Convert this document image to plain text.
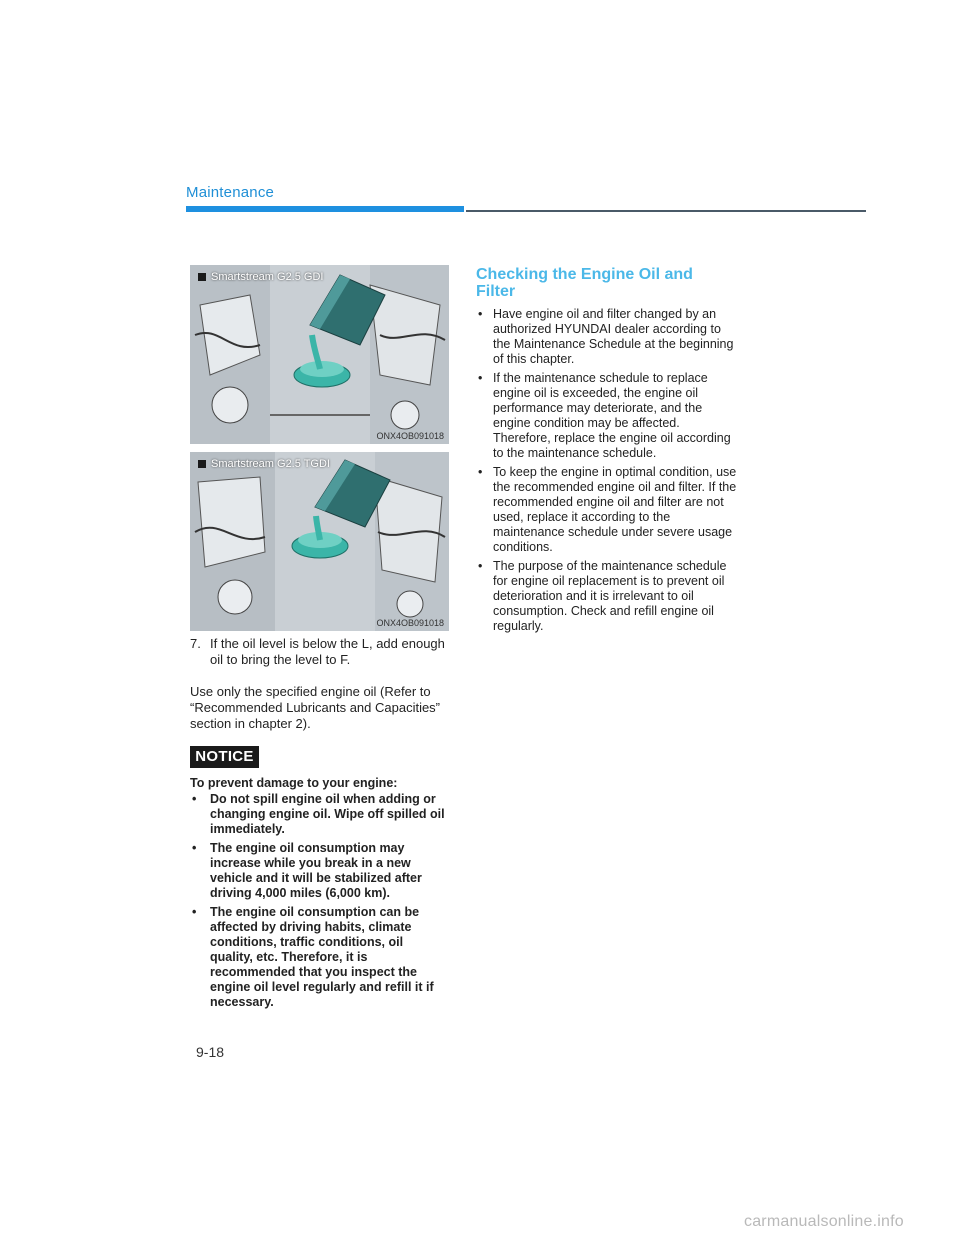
Maintenance
Smartstream G2.5 GDI
ONX4OB091018
Smartstream G2.5 TGDI
ONX4OB091018
7. If the oil level is below the L, add enough oil to bring the level to F.
Use only the specified engine oil (Refer to “Recommended Lubricants and Capacities” section in chapter 2).
NOTICE
To prevent damage to your engine:
• Do not spill engine oil when adding or changing engine oil. Wipe off spilled oil immediately.
• The engine oil consumption may increase while you break in a new vehicle and it will be stabilized after driving 4,000 miles (6,000 km).
• The engine oil consumption can be affected by driving habits, climate conditions, traffic conditions, oil quality, etc. Therefore, it is recommended that you inspect the engine oil level regularly and refill it if necessary.
Checking the Engine Oil and Filter
• Have engine oil and filter changed by an authorized HYUNDAI dealer according to the Maintenance Schedule at the beginning of this chapter.
• If the maintenance schedule to replace engine oil is exceeded, the engine oil performance may deteriorate, and the engine condition may be affected. Therefore, replace the engine oil according to the maintenance schedule.
• To keep the engine in optimal condition, use the recommended engine oil and filter. If the recommended engine oil and filter are not used, replace it according to the maintenance schedule under severe usage conditions.
• The purpose of the maintenance schedule for engine oil replacement is to prevent oil deterioration and it is irrelevant to oil consumption. Check and refill engine oil regularly.
9-18
carmanualsonline.info
